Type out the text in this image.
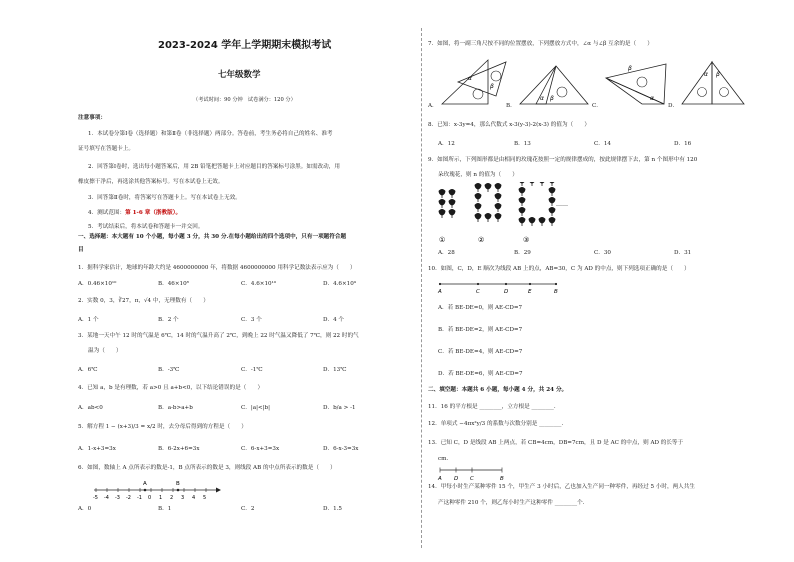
2023-2024 学年上学期期末模拟考试
七年级数学
（考试时间：90 分钟　试卷满分：120 分）
注意事项：
1．本试卷分第Ⅰ卷（选择题）和第Ⅱ卷（非选择题）两部分。答卷前，考生务必将自己的姓名、准考
证号填写在答题卡上。
2．回答第Ⅰ卷时，选出每小题答案后，用 2B 铅笔把答题卡上对应题目的答案标号涂黑。如需改动，用
橡皮擦干净后，再选涂其他答案标号。写在本试卷上无效。
3．回答第Ⅱ卷时，将答案写在答题卡上。写在本试卷上无效。
4．测试范围：第 1-6 章（浙教版）。
5．考试结束后，将本试卷和答题卡一并交回。
一、选择题：本大题有 10 个小题，每小题 3 分，共 30 分.在每小题给出的四个选项中，只有一项题符合题
目
1．据科学家估计，地球的年龄大约是 4600000000 年，将数据 4600000000 用科学记数法表示应为（　　）
A．0.46×10¹⁰	B．46×10⁸	C．4.6×10¹⁰	D．4.6×10⁹
2．实数 0，3，∛27，π，√4 中，无理数有（　　）
A．1 个	B．2 个	C．3 个	D．4 个
3．某地一天中午 12 时的气温是 6℃，14 时的气温升高了 2℃，到晚上 22 时气温又降低了 7℃，则 22 时的气
温为（　　）
A．6℃	B．-3℃	C．-1℃	D．13℃
4．已知 a，b 是有理数，若 a>0 且 a+b<0，以下结论错误的是（　　）
A．ab<0	B．a-b>a+b	C．|a|<|b|	D．b/a > -1
5．解方程 1 − (x+3)/3 = x/2 时，去分母后得到的方程是（　　）
A．1-x+3=3x	B．6-2x+6=3x	C．6-x+3=3x	D．6-x-3=3x
6．如图，数轴上 A 点所表示的数是-1，B 点所表示的数是 3，则线段 AB 的中点所表示的数是（　　）
-5 -4 -3 -2 -1 0 1 2 3 4 5
A	B
A．0	B．1	C．2	D．1.5
7．如图，将一副三角尺按不同的位置摆放，下列摆放方式中，∠α 与∠β 互余的是（　　）
A．
α
β
B．
α β
C．
β
α
D．
α β
8．已知：x-3y=4，那么代数式 x-3(y-3)-2(x-3) 的值为（　　）
A．12	B．13	C．14	D．16
9．如图所示，下列图形都是由相同的玫瑰花按照一定的规律摆成的，按此规律摆下去，第 n 个图形中有 120
朵玫瑰花，则 n 的值为（　　）
①	②	③
……
A．28	B．29	C．30	D．31
10．如图，C，D，E 顺次为线段 AB 上的点，AB=30，C 为 AD 的中点，则下列选项正确的是（　　）
A	C	D	E	B
A．若 BE-DE=0，则 AE-CD=7
B．若 BE-DE=2，则 AE-CD=7
C．若 BE-DE=4，则 AE-CD=7
D．若 BE-DE=6，则 AE-CD=7
二、填空题：本题共 6 小题，每小题 4 分，共 24 分。
11．16 的平方根是 ________，立方根是 ________.
12．单项式 −4πx²y/3 的系数与次数分别是 ________.
13．已知 C，D 是线段 AB 上两点，若 CB=4cm，DB=7cm，且 D 是 AC 的中点，则 AD 的长等于
cm.
A D C	B
14．甲每小时生产某种零件 15 个，甲生产 3 小时后，乙也加入生产同一种零件，再经过 5 小时，两人共生
产这种零件 210 个，则乙每小时生产这种零件 ________个.
